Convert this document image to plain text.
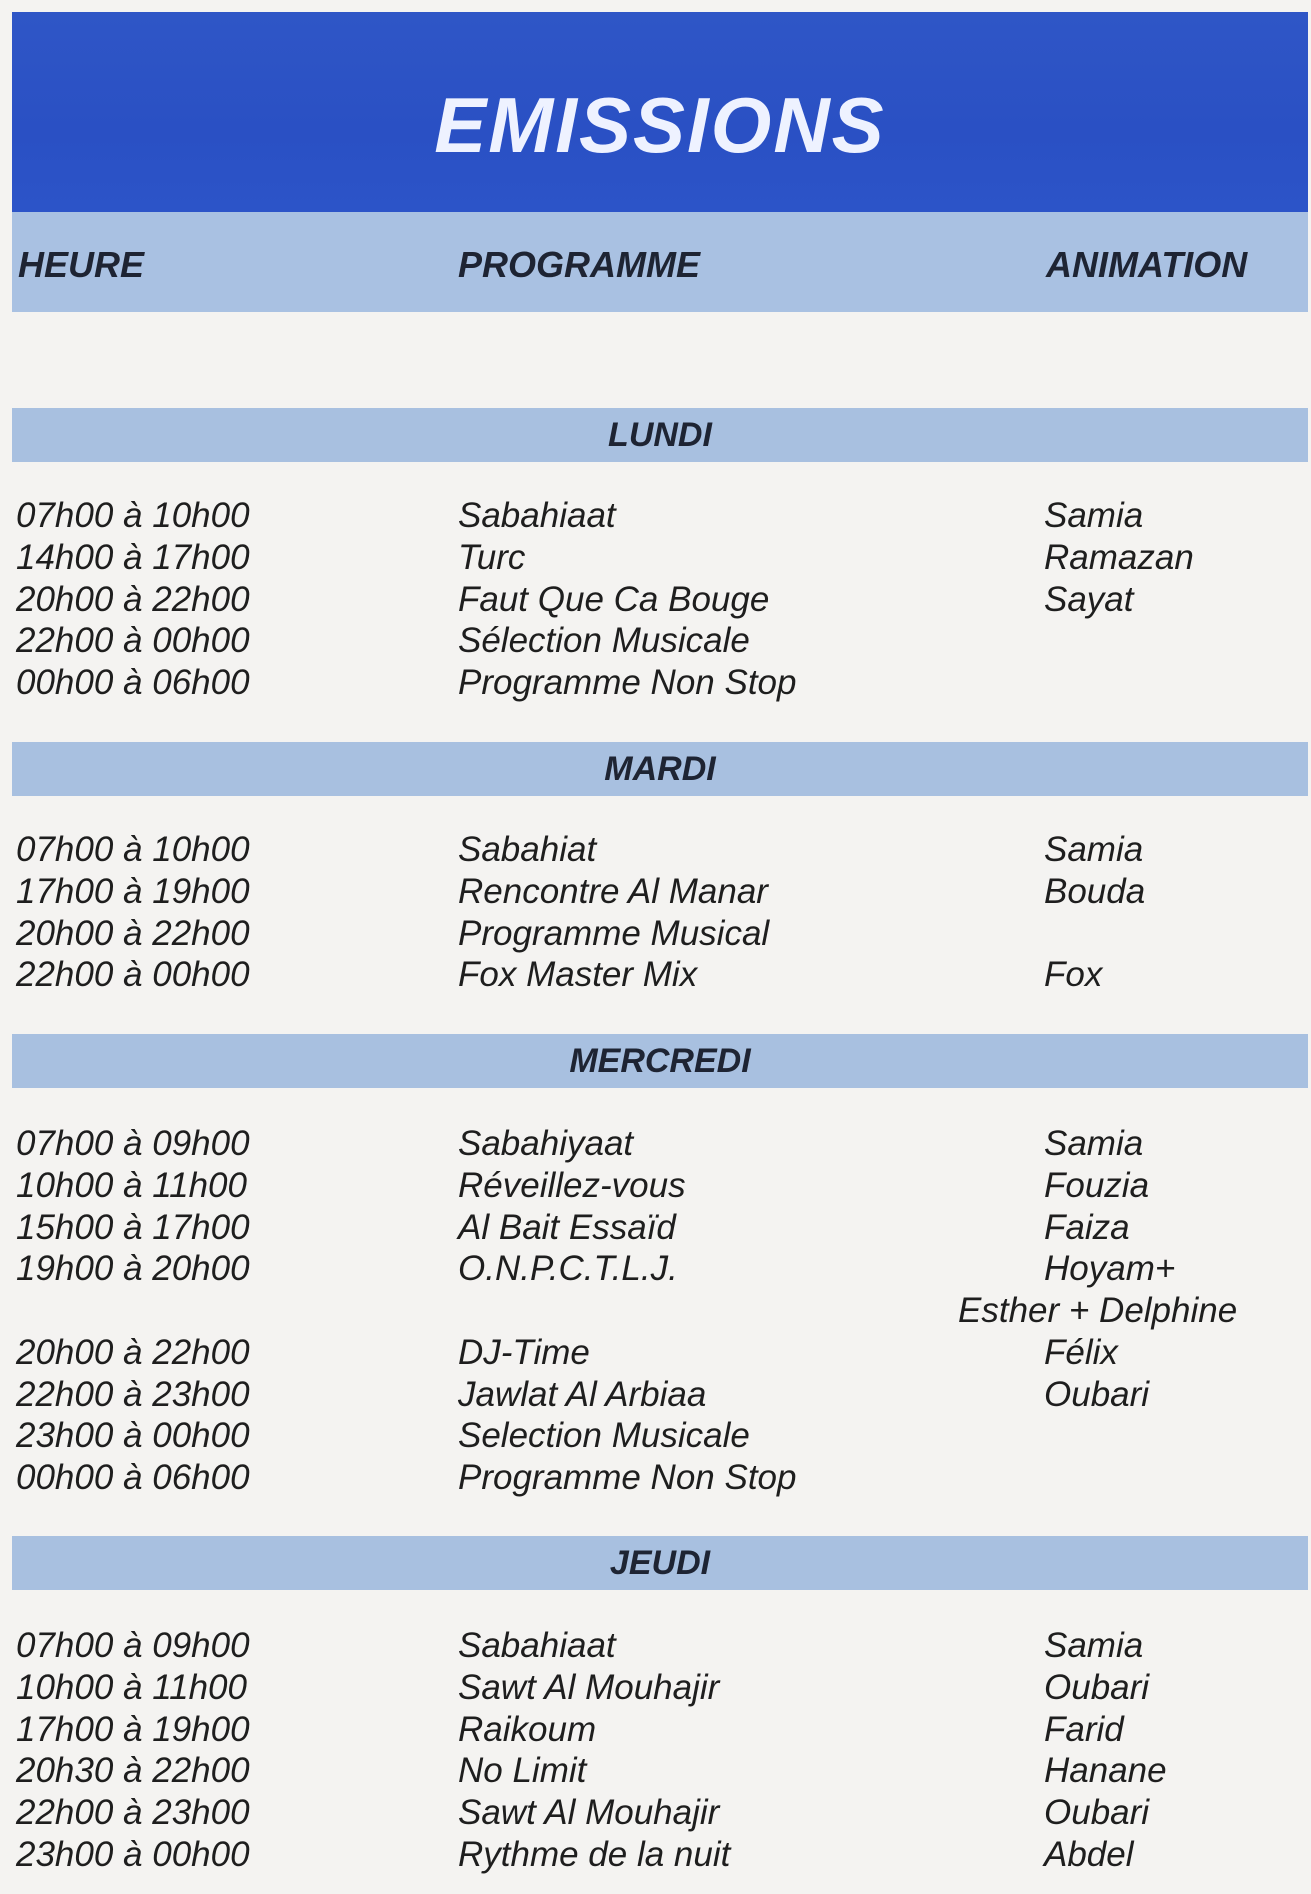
EMISSIONS
HEURE	PROGRAMME	ANIMATION
LUNDI
07h00 à 10h00	Sabahiaat	Samia
14h00 à 17h00	Turc	Ramazan
20h00 à 22h00	Faut Que Ca Bouge	Sayat
22h00 à 00h00	Sélection Musicale
00h00 à 06h00	Programme Non Stop
MARDI
07h00 à 10h00	Sabahiat	Samia
17h00 à 19h00	Rencontre Al Manar	Bouda
20h00 à 22h00	Programme Musical
22h00 à 00h00	Fox Master Mix	Fox
MERCREDI
07h00 à 09h00	Sabahiyaat	Samia
10h00 à 11h00	Réveillez-vous	Fouzia
15h00 à 17h00	Al Bait Essaïd	Faiza
19h00 à 20h00	O.N.P.C.T.L.J.	Hoyam+
Esther + Delphine
20h00 à 22h00	DJ-Time	Félix
22h00 à 23h00	Jawlat Al Arbiaa	Oubari
23h00 à 00h00	Selection Musicale
00h00 à 06h00	Programme Non Stop
JEUDI
07h00 à 09h00	Sabahiaat	Samia
10h00 à 11h00	Sawt Al Mouhajir	Oubari
17h00 à 19h00	Raikoum	Farid
20h30 à 22h00	No Limit	Hanane
22h00 à 23h00	Sawt Al Mouhajir	Oubari
23h00 à 00h00	Rythme de la nuit	Abdel
